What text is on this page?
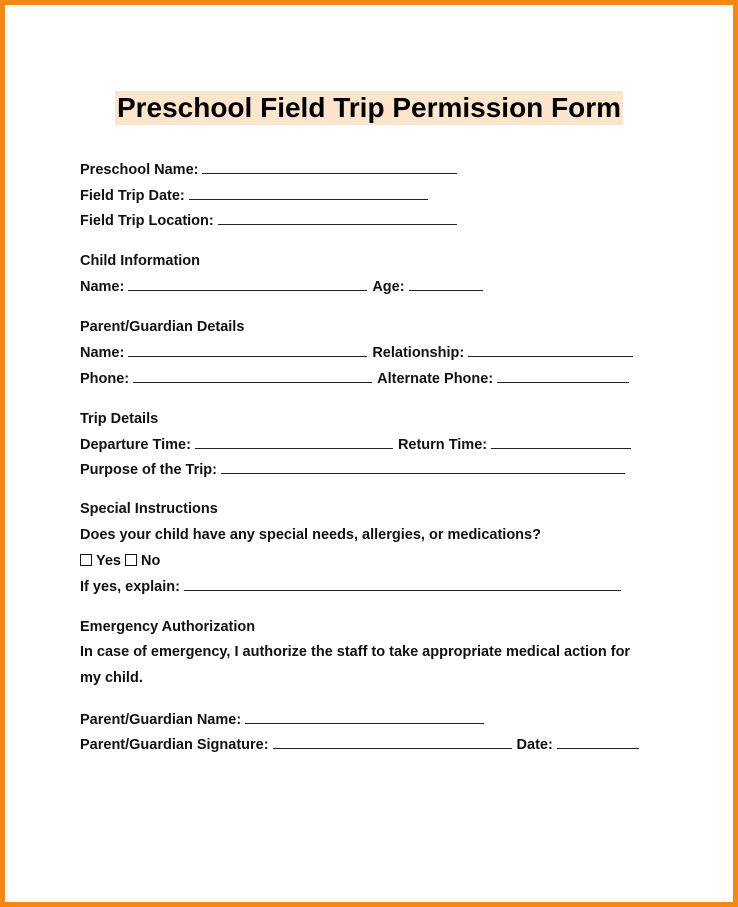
Preschool Field Trip Permission Form
Preschool Name:
Field Trip Date:
Field Trip Location:
Child Information
Name:	Age:
Parent/Guardian Details
Name:	Relationship:
Phone:	Alternate Phone:
Trip Details
Departure Time:	Return Time:
Purpose of the Trip:
Special Instructions
Does your child have any special needs, allergies, or medications?
Yes No
If yes, explain:
Emergency Authorization
In case of emergency, I authorize the staff to take appropriate medical action for
my child.
Parent/Guardian Name:
Parent/Guardian Signature:	Date:
